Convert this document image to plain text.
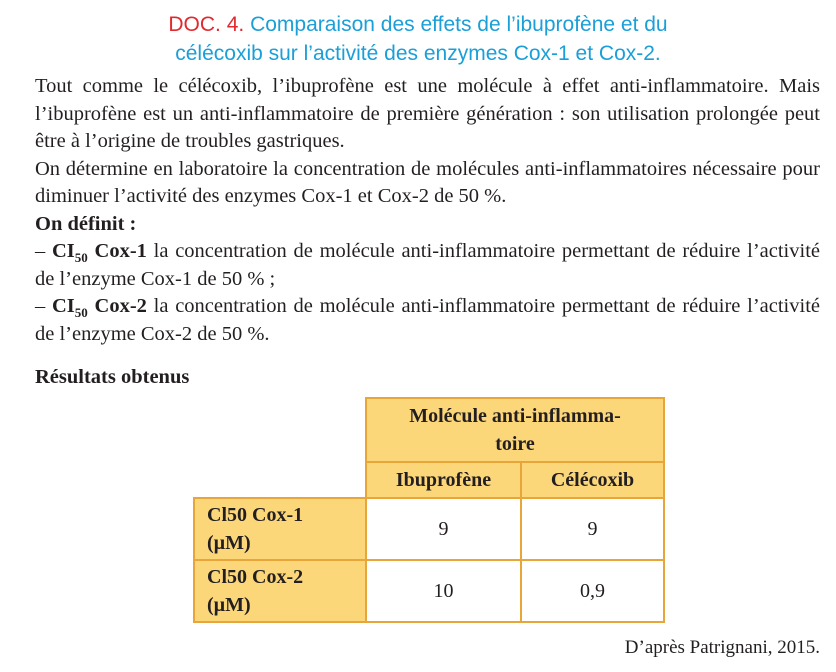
DOC. 4. Comparaison des effets de l’ibuprofène et du
célécoxib sur l’activité des enzymes Cox-1 et Cox-2.

Tout comme le célécoxib, l’ibuprofène est une molécule à effet anti-inflammatoire. Mais l’ibuprofène est un anti-inflammatoire de première génération : son utilisation prolongée peut être à l’origine de troubles gastriques.

On détermine en laboratoire la concentration de molécules anti-inflammatoires nécessaire pour diminuer l’activité des enzymes Cox-1 et Cox-2 de 50 %.

On définit :

– $CI_{50}$ Cox-1 la concentration de molécule anti-inflammatoire permettant de réduire l’activité de l’enzyme Cox-1 de 50 % ;

– $CI_{50}$ Cox-2 la concentration de molécule anti-inflammatoire permettant de réduire l’activité de l’enzyme Cox-2 de 50 %.

Résultats obtenus

	Molécule anti-inflamma-toire	

	Ibuprofène	Célécoxib

Cl50 Cox-1 (µM)	9	9

Cl50 Cox-2 (µM)	10	0,9
D’après Patrignani, 2015.
